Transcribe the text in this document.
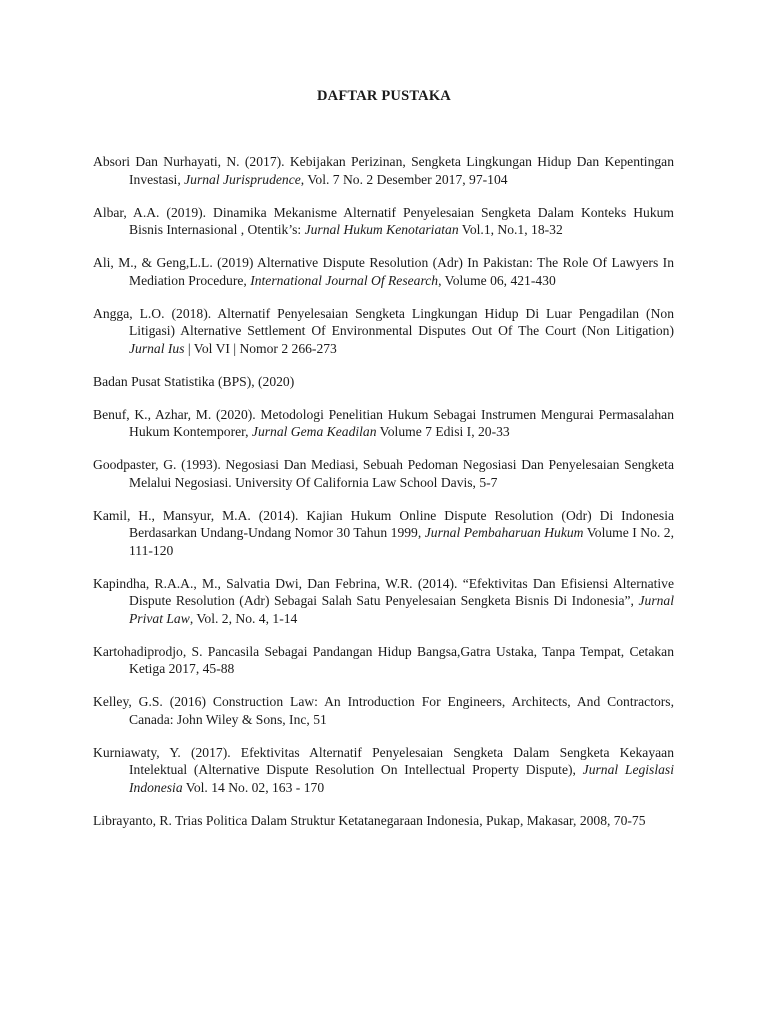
DAFTAR PUSTAKA

Absori Dan Nurhayati, N. (2017). Kebijakan Perizinan, Sengketa Lingkungan Hidup Dan Kepentingan Investasi, Jurnal Jurisprudence, Vol. 7 No. 2 Desember 2017, 97-104

Albar, A.A. (2019). Dinamika Mekanisme Alternatif Penyelesaian Sengketa Dalam Konteks Hukum Bisnis Internasional , Otentik’s: Jurnal Hukum Kenotariatan Vol.1, No.1, 18-32

Ali, M., & Geng,L.L. (2019) Alternative Dispute Resolution (Adr) In Pakistan: The Role Of Lawyers In Mediation Procedure, International Journal Of Research, Volume 06, 421-430

Angga, L.O. (2018). Alternatif Penyelesaian Sengketa Lingkungan Hidup Di Luar Pengadilan (Non Litigasi) Alternative Settlement Of Environmental Disputes Out Of The Court (Non Litigation) Jurnal Ius | Vol VI | Nomor 2 266-273

Badan Pusat Statistika (BPS), (2020)

Benuf, K., Azhar, M. (2020). Metodologi Penelitian Hukum Sebagai Instrumen Mengurai Permasalahan Hukum Kontemporer, Jurnal Gema Keadilan Volume 7 Edisi I, 20-33

Goodpaster, G. (1993). Negosiasi Dan Mediasi, Sebuah Pedoman Negosiasi Dan Penyelesaian Sengketa Melalui Negosiasi. University Of California Law School Davis, 5-7

Kamil, H., Mansyur, M.A. (2014). Kajian Hukum Online Dispute Resolution (Odr) Di Indonesia Berdasarkan Undang-Undang Nomor 30 Tahun 1999, Jurnal Pembaharuan Hukum Volume I No. 2, 111-120

Kapindha, R.A.A., M., Salvatia Dwi, Dan Febrina, W.R. (2014). “Efektivitas Dan Efisiensi Alternative Dispute Resolution (Adr) Sebagai Salah Satu Penyelesaian Sengketa Bisnis Di Indonesia”, Jurnal Privat Law, Vol. 2, No. 4, 1-14

Kartohadiprodjo, S. Pancasila Sebagai Pandangan Hidup Bangsa,Gatra Ustaka, Tanpa Tempat, Cetakan Ketiga 2017, 45-88

Kelley, G.S. (2016) Construction Law: An Introduction For Engineers, Architects, And Contractors, Canada: John Wiley & Sons, Inc, 51

Kurniawaty, Y. (2017). Efektivitas Alternatif Penyelesaian Sengketa Dalam Sengketa Kekayaan Intelektual (Alternative Dispute Resolution On Intellectual Property Dispute), Jurnal Legislasi Indonesia Vol. 14 No. 02, 163 - 170

Librayanto, R. Trias Politica Dalam Struktur Ketatanegaraan Indonesia, Pukap, Makasar, 2008, 70-75
